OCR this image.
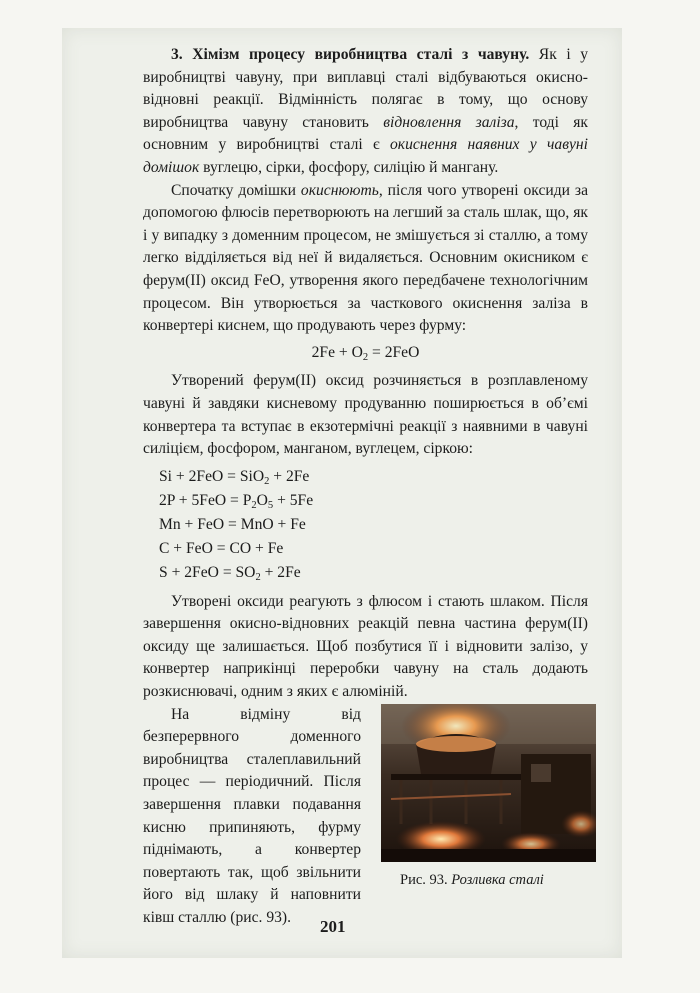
3. Хімізм процесу виробництва сталі з чавуну. Як і у виробництві чавуну, при виплавці сталі відбуваються окисно-відновні реакції. Відмінність полягає в тому, що основу виробництва чавуну становить відновлення заліза, тоді як основним у виробництві сталі є окиснення наявних у чавуні домішок вуглецю, сірки, фосфору, силіцію й мангану.

Спочатку домішки окиснюють, після чого утворені оксиди за допомогою флюсів перетворюють на легший за сталь шлак, що, як і у випадку з доменним процесом, не змішується зі сталлю, а тому легко відділяється від неї й видаляється. Основним окисником є ферум(ІІ) оксид FeO, утворення якого передбачене технологічним процесом. Він утворюється за часткового окиснення заліза в конвертері киснем, що продувають через фурму:

$2Fe + O_2 = 2FeO$

Утворений ферум(ІІ) оксид розчиняється в розплавленому чавуні й завдяки кисневому продуванню поширюється в об’ємі конвертера та вступає в екзотермічні реакції з наявними в чавуні силіцієм, фосфором, манганом, вуглецем, сіркою:

Si + 2FeO = SiO$_2$ + 2Fe
$2P + 5FeO = P_2O_5 + 5Fe$
Mn + FeO = MnO + Fe
C + FeO = CO + Fe
$S + 2FeO = SO_2 + 2Fe$

Утворені оксиди реагують з флюсом і стають шлаком. Після завершення окисно-відновних реакцій певна частина ферум(ІІ) оксиду ще залишається. Щоб позбутися її і відновити залізо, у конвертер наприкінці переробки чавуну на сталь додають розкиснювачі, одним з яких є алюміній.

На відміну від безперервного доменного виробництва сталеплавильний процес — періодичний. Після завершення плавки подавання кисню припиняють, фурму піднімають, а конвертер повертають так, щоб звільнити його від шлаку й наповнити ківш сталлю (рис. 93).

Рис. 93. Розливка сталі
201
